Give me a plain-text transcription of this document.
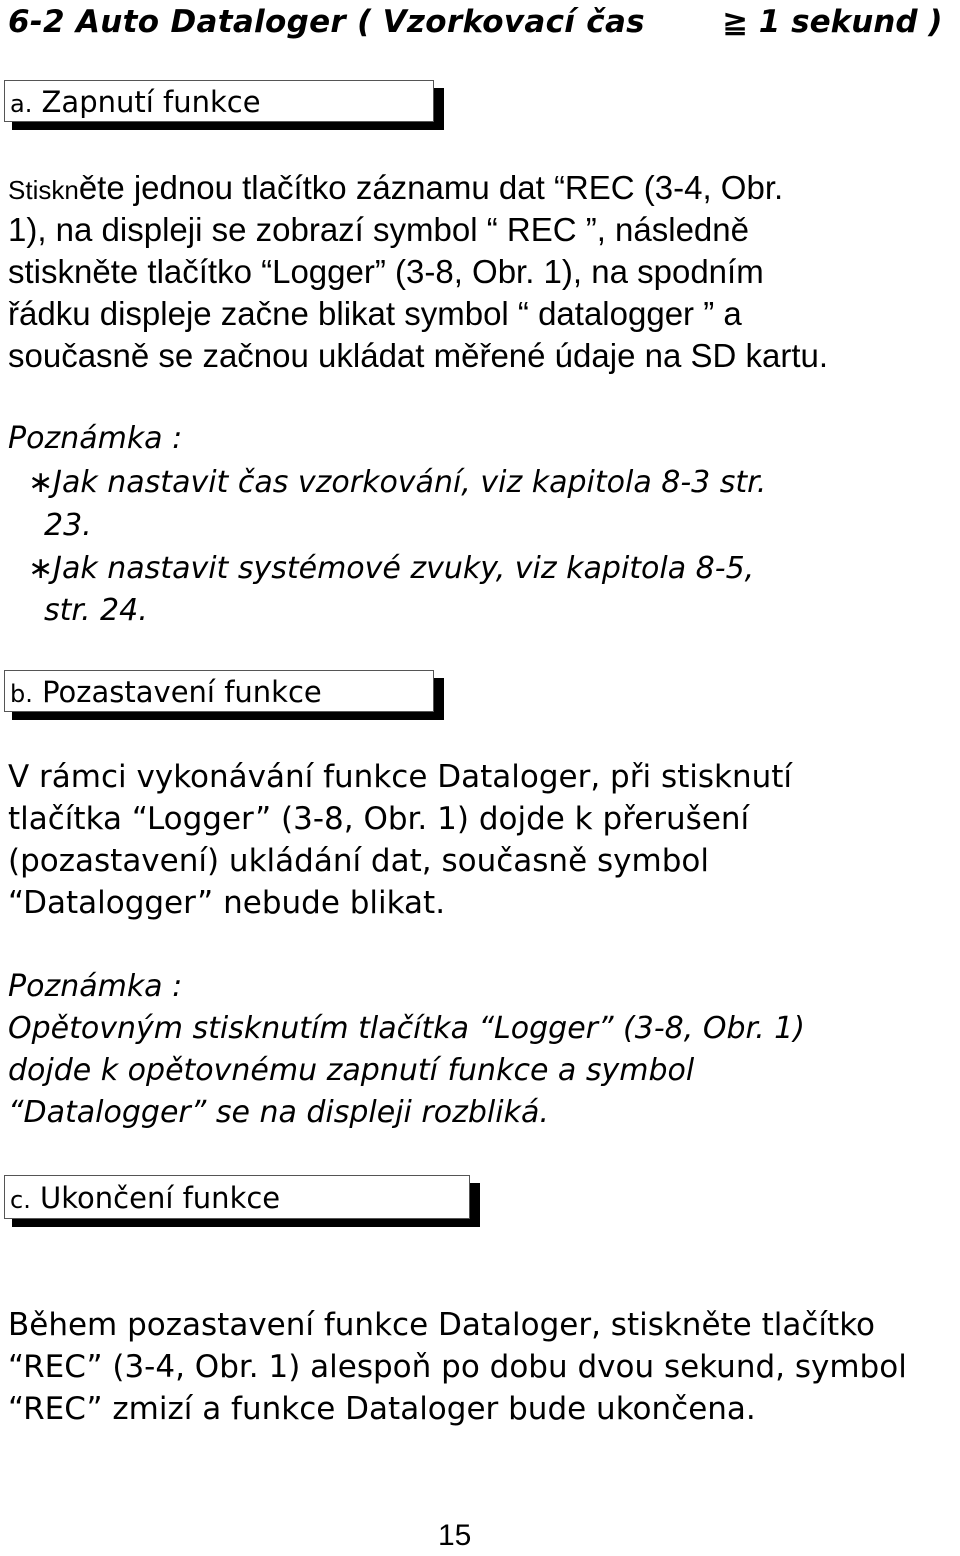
6-2 Auto Dataloger ( Vzorkovací čas ≧ 1 sekund )
a. Zapnutí funkce
Stiskněte jednou tlačítko záznamu dat “REC (3-4, Obr.
1), na displeji se zobrazí symbol “ REC ”, následně
stiskněte tlačítko “Logger” (3-8, Obr. 1), na spodním
řádku displeje začne blikat symbol “ datalogger ” a
současně se začnou ukládat měřené údaje na SD kartu.
Poznámka :
∗Jak nastavit čas vzorkování, viz kapitola 8-3 str.
23.
∗Jak nastavit systémové zvuky, viz kapitola 8-5,
str. 24.
b. Pozastavení funkce
V rámci vykonávání funkce Dataloger, při stisknutí
tlačítka “Logger” (3-8, Obr. 1) dojde k přerušení
(pozastavení) ukládání dat, současně symbol
“Datalogger” nebude blikat.
Poznámka :
Opětovným stisknutím tlačítka “Logger” (3-8, Obr. 1)
dojde k opětovnému zapnutí funkce a symbol
“Datalogger” se na displeji rozbliká.
c. Ukončení funkce
Během pozastavení funkce Dataloger, stiskněte tlačítko
“REC” (3-4, Obr. 1) alespoň po dobu dvou sekund, symbol
“REC” zmizí a funkce Dataloger bude ukončena.
15
